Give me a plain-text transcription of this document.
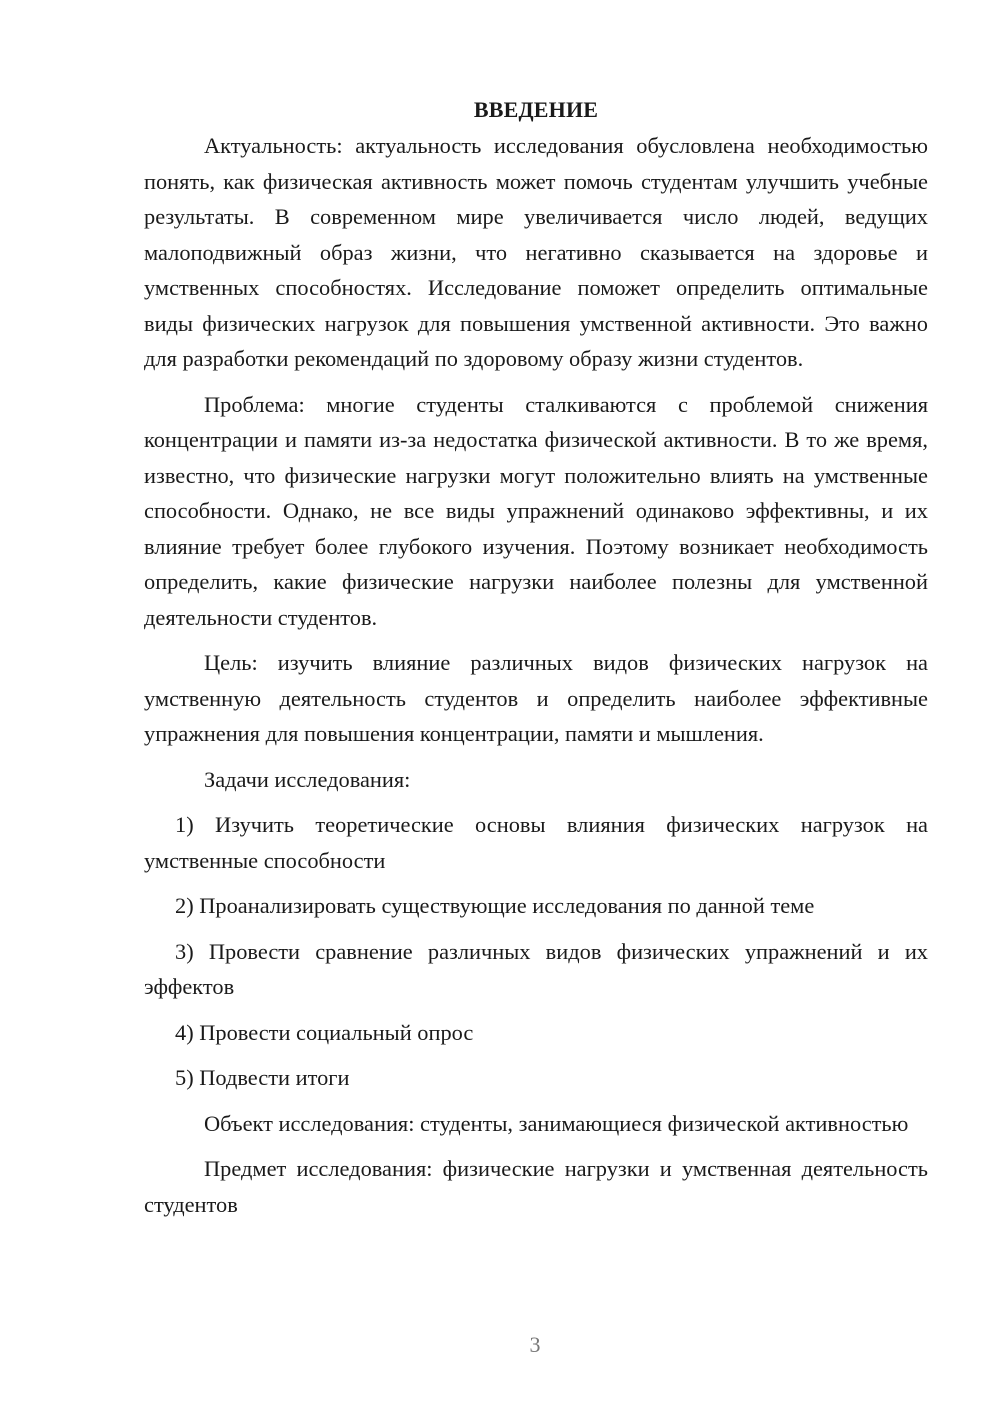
ВВЕДЕНИЕ

Актуальность: актуальность исследования обусловлена необходимостью понять, как физическая активность может помочь студентам улучшить учебные результаты. В современном мире увеличивается число людей, ведущих малоподвижный образ жизни, что негативно сказывается на здоровье и умственных способностях. Исследование поможет определить оптимальные виды физических нагрузок для повышения умственной активности. Это важно для разработки рекомендаций по здоровому образу жизни студентов.

Проблема: многие студенты сталкиваются с проблемой снижения концентрации и памяти из-за недостатка физической активности. В то же время, известно, что физические нагрузки могут положительно влиять на умственные способности. Однако, не все виды упражнений одинаково эффективны, и их влияние требует более глубокого изучения. Поэтому возникает необходимость определить, какие физические нагрузки наиболее полезны для умственной деятельности студентов.

Цель: изучить влияние различных видов физических нагрузок на умственную деятельность студентов и определить наиболее эффективные упражнения для повышения концентрации, памяти и мышления.

Задачи исследования:

1) Изучить теоретические основы влияния физических нагрузок на умственные способности

2) Проанализировать существующие исследования по данной теме

3) Провести сравнение различных видов физических упражнений и их эффектов

4) Провести социальный опрос

5) Подвести итоги

Объект исследования: студенты, занимающиеся физической активностью

Предмет исследования: физические нагрузки и умственная деятельность студентов

3
